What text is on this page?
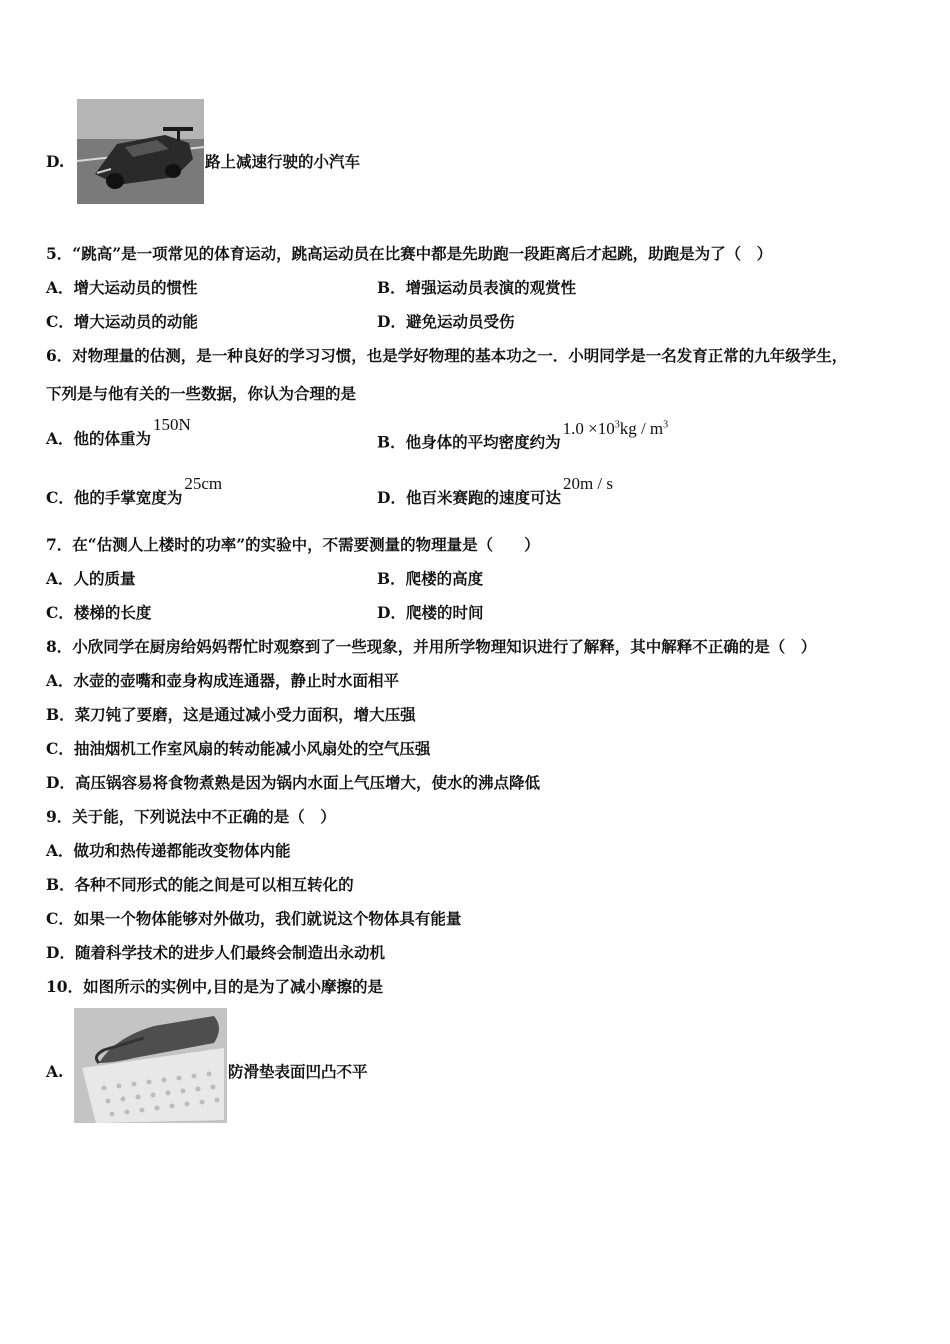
D.	路上减速行驶的小汽车
5．“跳高”是一项常见的体育运动，跳高运动员在比赛中都是先助跑一段距离后才起跳，助跑是为了（　）
A．增大运动员的惯性	B．增强运动员表演的观赏性
C．增大运动员的动能	D．避免运动员受伤
6．对物理量的估测，是一种良好的学习习惯，也是学好物理的基本功之一．小明同学是一名发育正常的九年级学生，
下列是与他有关的一些数据，你认为合理的是
A．他的体重为150N
B．他身体的平均密度约为$1.0 \times 10^3kg / m^3$
C．他的手掌宽度为25cm
D．他百米赛跑的速度可达20m / s
7．在“估测人上楼时的功率”的实验中，不需要测量的物理量是（　　）
A．人的质量	B．爬楼的高度
C．楼梯的长度	D．爬楼的时间
8．小欣同学在厨房给妈妈帮忙时观察到了一些现象，并用所学物理知识进行了解释，其中解释不正确的是（　）
A．水壶的壶嘴和壶身构成连通器，静止时水面相平
B．菜刀钝了要磨，这是通过减小受力面积，增大压强
C．抽油烟机工作室风扇的转动能减小风扇处的空气压强
D．高压锅容易将食物煮熟是因为锅内水面上气压增大，使水的沸点降低
9．关于能，下列说法中不正确的是（　）
A．做功和热传递都能改变物体内能
B．各种不同形式的能之间是可以相互转化的
C．如果一个物体能够对外做功，我们就说这个物体具有能量
D．随着科学技术的进步人们最终会制造出永动机
10．如图所示的实例中,目的是为了减小摩擦的是
A.	防滑垫表面凹凸不平
